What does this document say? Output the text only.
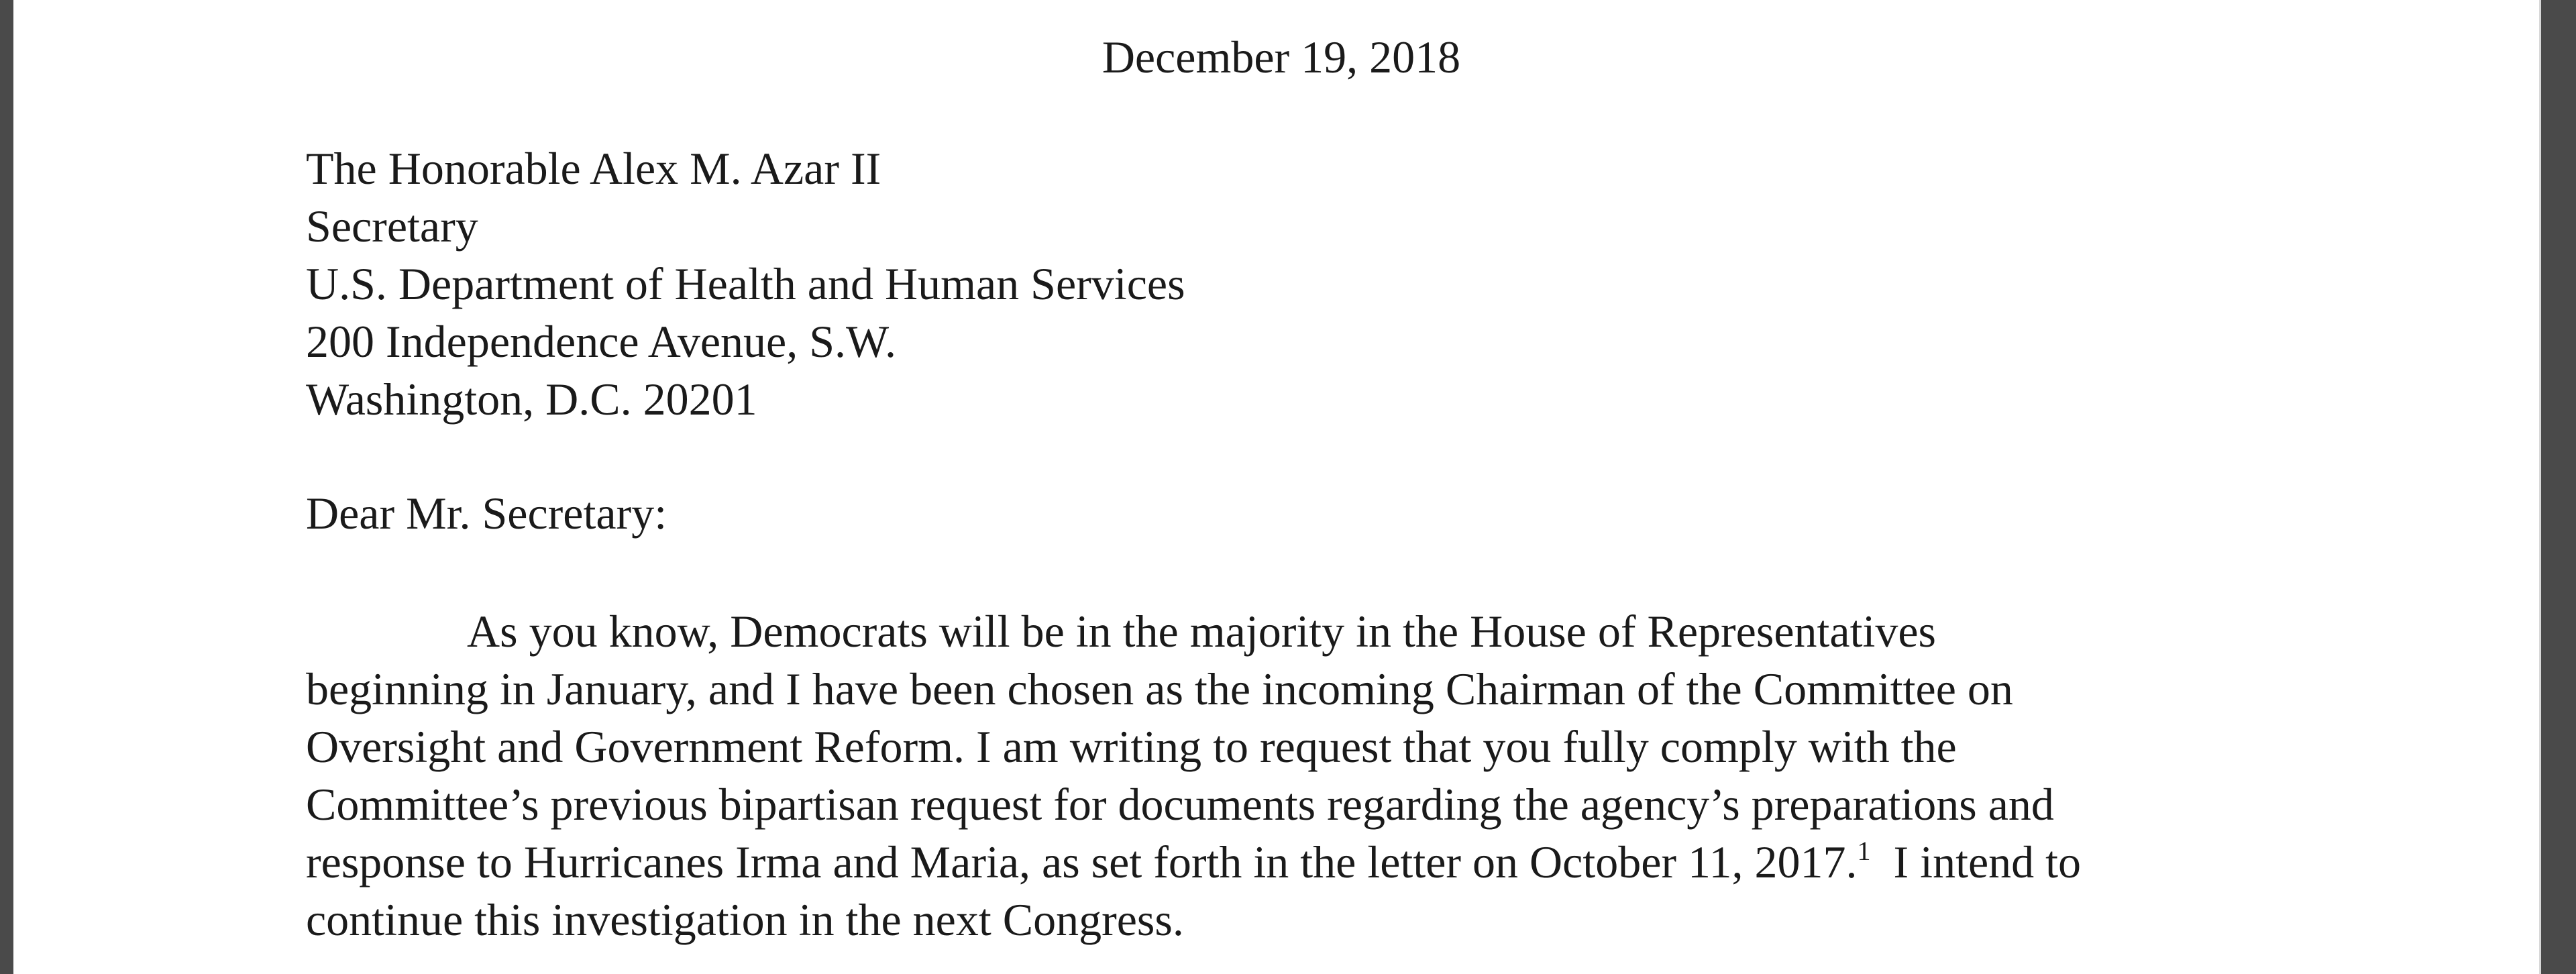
December 19, 2018
The Honorable Alex M. Azar II
Secretary
U.S. Department of Health and Human Services
200 Independence Avenue, S.W.
Washington, D.C. 20201
Dear Mr. Secretary:
As you know, Democrats will be in the majority in the House of Representatives
beginning in January, and I have been chosen as the incoming Chairman of the Committee on
Oversight and Government Reform. I am writing to request that you fully comply with the
Committee’s previous bipartisan request for documents regarding the agency’s preparations and
response to Hurricanes Irma and Maria, as set forth in the letter on October 11, 2017.$^1$  I intend to
continue this investigation in the next Congress.
